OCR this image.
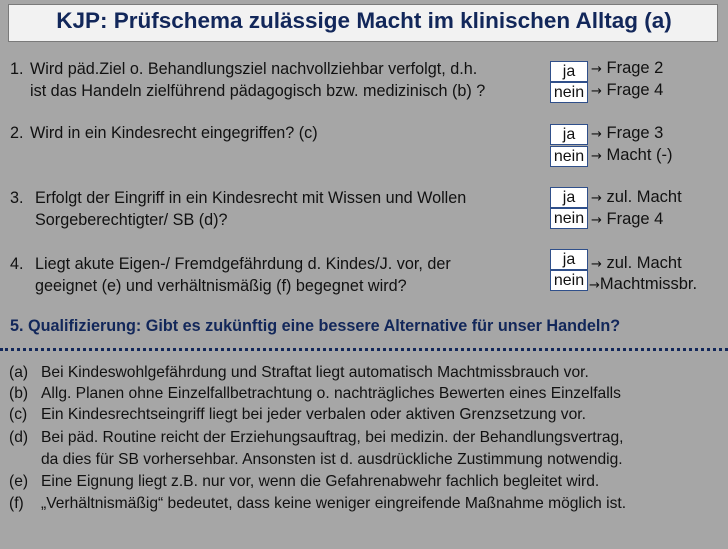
KJP: Prüfschema zulässige Macht im klinischen Alltag (a)
1. Wird päd.Ziel o. Behandlungsziel nachvollziehbar verfolgt, d.h.
ist das Handeln zielführend pädagogisch bzw. medizinisch (b) ?
ja
nein
→ Frage 2
→ Frage 4
2. Wird in ein Kindesrecht eingegriffen? (c)	ja
nein
→ Frage 3
→ Macht (-)
3. Erfolgt der Eingriff in ein Kindesrecht mit Wissen und Wollen
Sorgeberechtigter/ SB (d)?
ja
nein
→ zul. Macht
→ Frage 4
4. Liegt akute Eigen-/ Fremdgefährdung d. Kindes/J. vor, der
geeignet (e) und verhältnismäßig (f) begegnet wird?
ja
nein
→ zul. Macht
→Machtmissbr.
5. Qualifizierung: Gibt es zukünftig eine bessere Alternative für unser Handeln?
(a) Bei Kindeswohlgefährdung und Straftat liegt automatisch Machtmissbrauch vor.
(b) Allg. Planen ohne Einzelfallbetrachtung o. nachträgliches Bewerten eines Einzelfalls
(c) Ein Kindesrechtseingriff liegt bei jeder verbalen oder aktiven Grenzsetzung vor.
(d) Bei päd. Routine reicht der Erziehungsauftrag, bei medizin. der Behandlungsvertrag,
da dies für SB vorhersehbar. Ansonsten ist d. ausdrückliche Zustimmung notwendig.
(e) Eine Eignung liegt z.B. nur vor, wenn die Gefahrenabwehr fachlich begleitet wird.
(f) „Verhältnismäßig“ bedeutet, dass keine weniger eingreifende Maßnahme möglich ist.
